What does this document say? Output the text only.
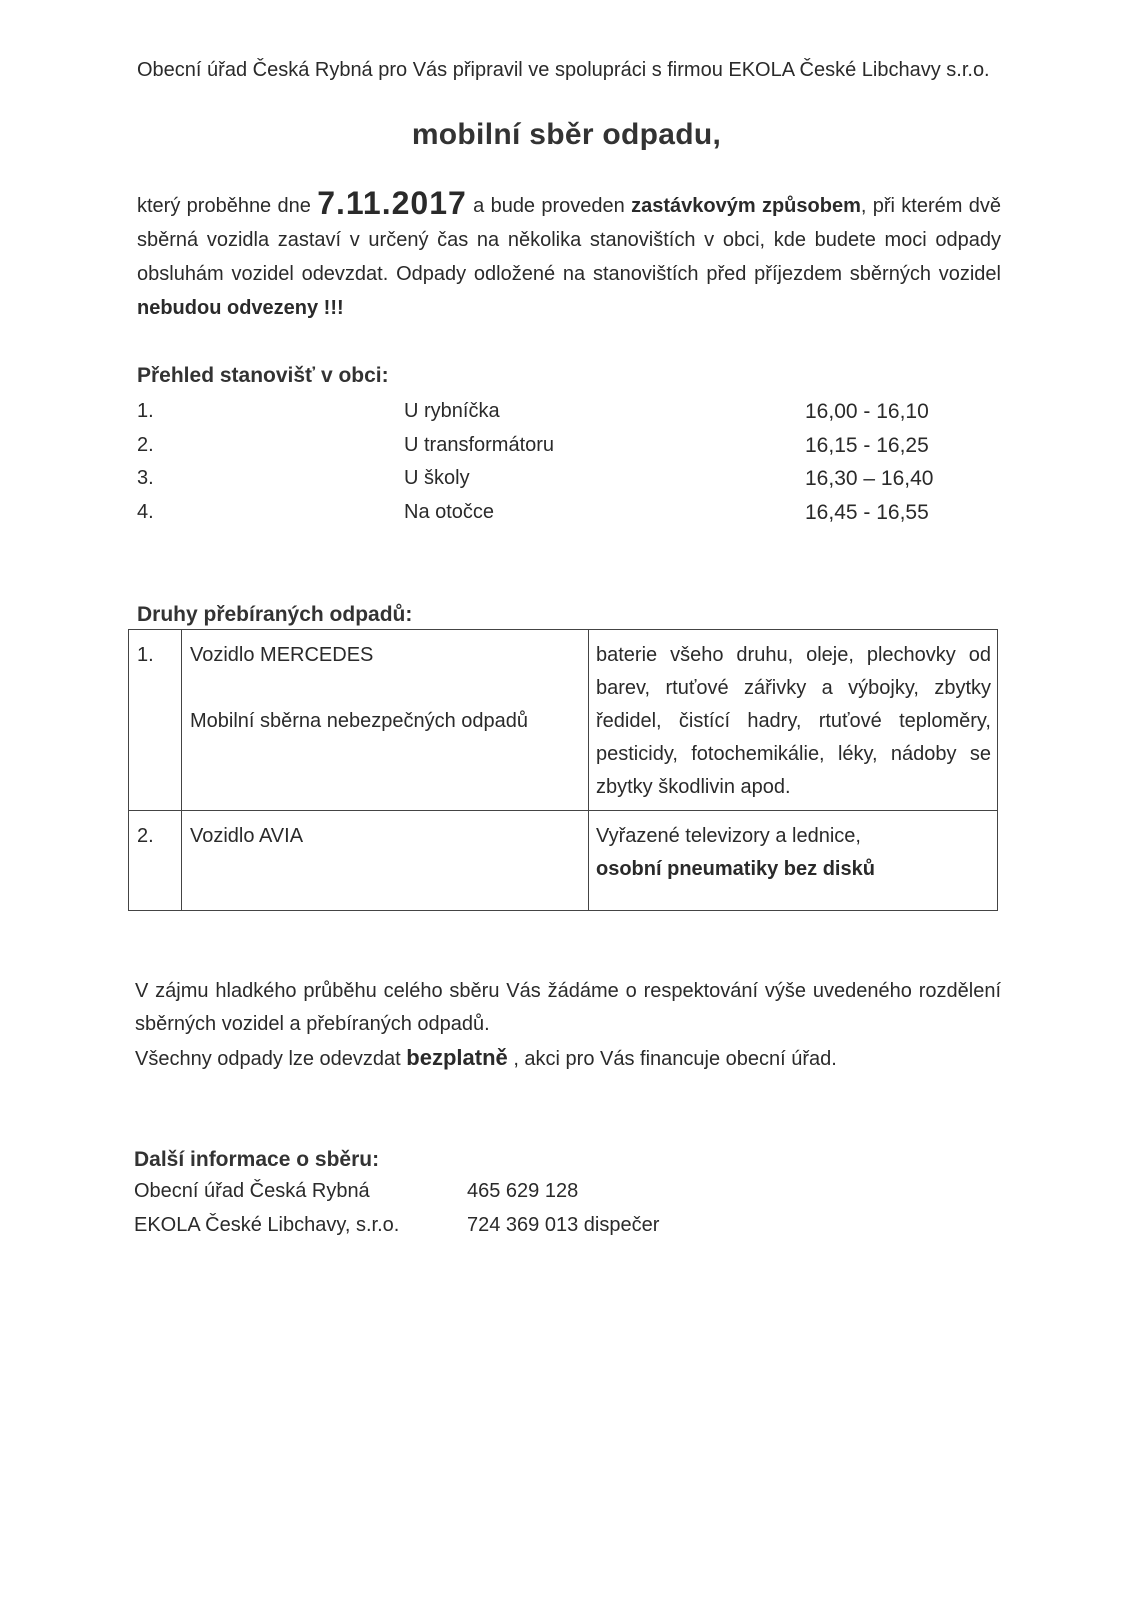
Obecní úřad Česká Rybná pro Vás připravil ve spolupráci s firmou EKOLA České Libchavy s.r.o.
mobilní sběr odpadu,
který proběhne dne 7.11.2017 a bude proveden zastávkovým způsobem, při kterém dvě sběrná vozidla zastaví v určený čas na několika stanovištích v obci, kde budete moci odpady obsluhám vozidel odevzdat. Odpady odložené na stanovištích před příjezdem sběrných vozidel nebudou odvezeny !!!
Přehled stanovišť v obci:
1.	U rybníčka	16,00 - 16,10
2.	U transformátoru	16,15 - 16,25
3.	U školy	16,30 – 16,40
4.	Na otočce	16,45 - 16,55
Druhy přebíraných odpadů:
1.	Vozidlo MERCEDES
Mobilní sběrna nebezpečných odpadů	baterie všeho druhu, oleje, plechovky od barev, rtuťové zářivky a výbojky, zbytky ředidel, čistící hadry, rtuťové teploměry, pesticidy, fotochemikálie, léky, nádoby se zbytky škodlivin apod.

2.	Vozidlo AVIA	Vyřazené televizory a lednice,
osobní pneumatiky bez disků
V zájmu hladkého průběhu celého sběru Vás žádáme o respektování výše uvedeného rozdělení sběrných vozidel a přebíraných odpadů.
Všechny odpady lze odevzdat bezplatně , akci pro Vás financuje obecní úřad.
Další informace o sběru:
Obecní úřad Česká Rybná	465 629 128
EKOLA České Libchavy, s.r.o.	724 369 013 dispečer
